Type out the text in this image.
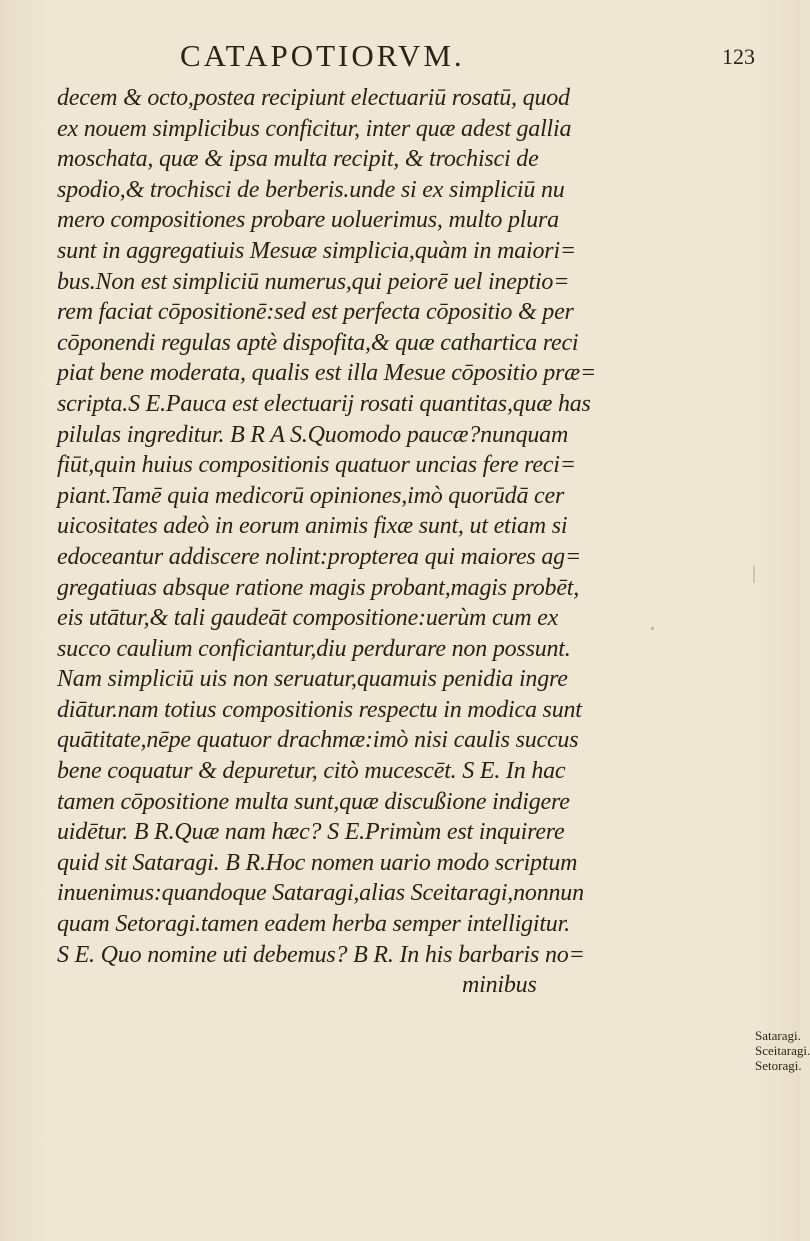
CATAPOTIORVM.	123
decem & octo,postea recipiunt electuariū rosatū, quod
ex nouem simplicibus conficitur, inter quæ adest gallia
moschata, quæ & ipsa multa recipit, & trochisci de
spodio,& trochisci de berberis.unde si ex simpliciū nu
mero compositiones probare uoluerimus, multo plura
sunt in aggregatiuis Mesuæ simplicia,quàm in maiori=
bus.Non est simpliciū numerus,qui peiorē uel ineptio=
rem faciat cōpositionē:sed est perfecta cōpositio & per
cōponendi regulas aptè dispofita,& quæ cathartica reci
piat bene moderata, qualis est illa Mesue cōpositio præ=
scripta.S E.Pauca est electuarij rosati quantitas,quæ has
pilulas ingreditur. B R A S.Quomodo paucæ?nunquam
fiūt,quin huius compositionis quatuor uncias fere reci=
piant.Tamē quia medicorū opiniones,imò quorūdā cer
uicositates adeò in eorum animis fixæ sunt, ut etiam si
edoceantur addiscere nolint:propterea qui maiores ag=
gregatiuas absque ratione magis probant,magis probēt,
eis utātur,& tali gaudeāt compositione:uerùm cum ex
succo caulium conficiantur,diu perdurare non possunt.
Nam simpliciū uis non seruatur,quamuis penidia ingre
diātur.nam totius compositionis respectu in modica sunt
quātitate,nēpe quatuor drachmæ:imò nisi caulis succus
bene coquatur & depuretur, citò mucescēt. S E. In hac
tamen cōpositione multa sunt,quæ discußione indigere
uidētur. B R.Quæ nam hæc? S E.Primùm est inquirere
quid sit Sataragi. B R.Hoc nomen uario modo scriptum
inuenimus:quandoque Sataragi,alias Sceitaragi,nonnun
quam Setoragi.tamen eadem herba semper intelligitur.
S E. Quo nomine uti debemus? B R. In his barbaris no=
minibus
Sataragi.
Sceitaragi.
Setoragi.
